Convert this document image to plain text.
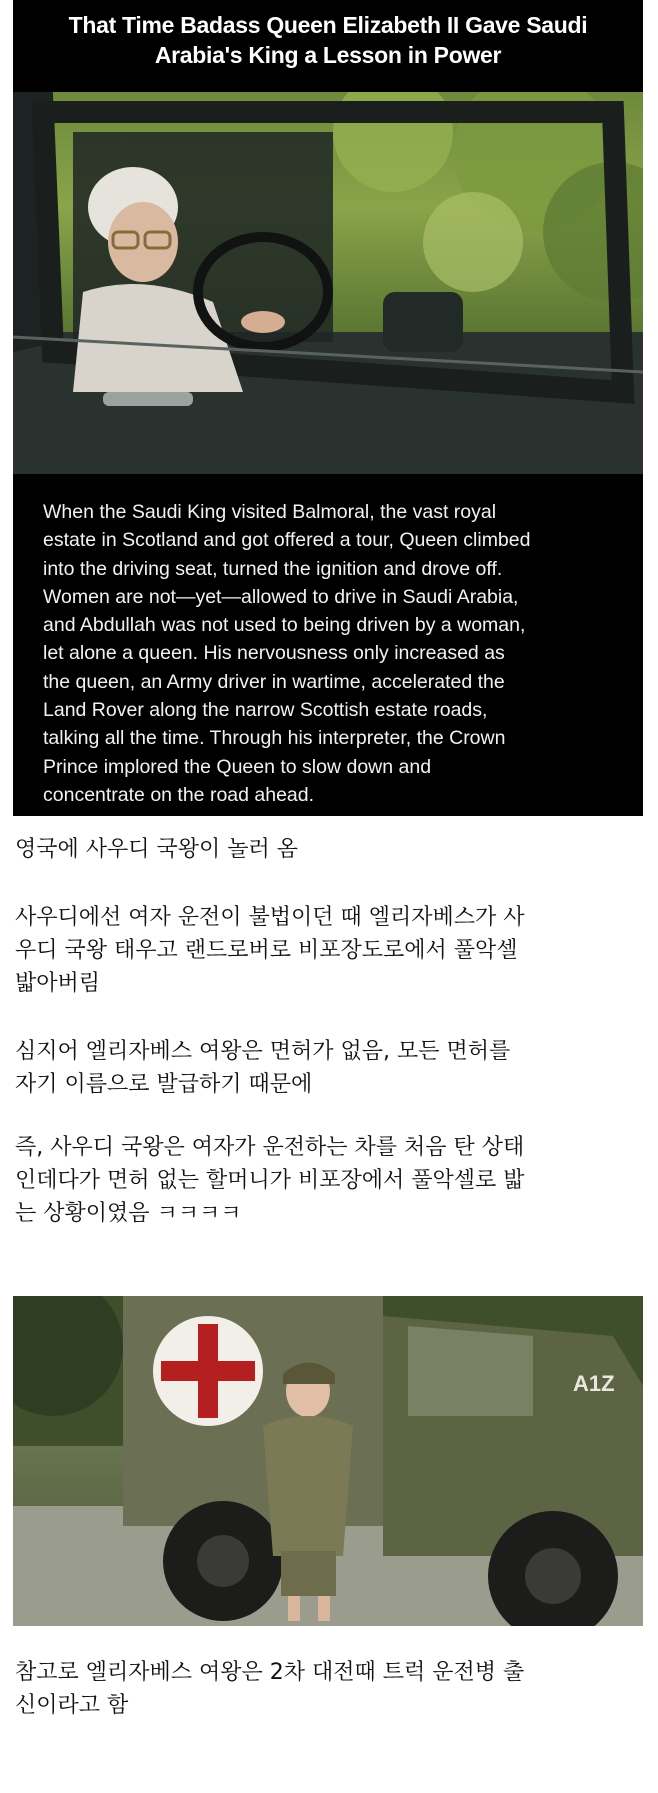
That Time Badass Queen Elizabeth II Gave Saudi
Arabia's King a Lesson in Power
When the Saudi King visited Balmoral, the vast royal
estate in Scotland and got offered a tour, Queen climbed
into the driving seat, turned the ignition and drove off.
Women are not—yet—allowed to drive in Saudi Arabia,
and Abdullah was not used to being driven by a woman,
let alone a queen. His nervousness only increased as
the queen, an Army driver in wartime, accelerated the
Land Rover along the narrow Scottish estate roads,
talking all the time. Through his interpreter, the Crown
Prince implored the Queen to slow down and
concentrate on the road ahead.
영국에 사우디 국왕이 놀러 옴
사우디에선 여자 운전이 불법이던 때 엘리자베스가 사
우디 국왕 태우고 랜드로버로 비포장도로에서 풀악셀
밟아버림
심지어 엘리자베스 여왕은 면허가 없음, 모든 면허를
자기 이름으로 발급하기 때문에
즉, 사우디 국왕은 여자가 운전하는 차를 처음 탄 상태
인데다가 면허 없는 할머니가 비포장에서 풀악셀로 밟
는 상황이였음 ㅋㅋㅋㅋ
A1Z
참고로 엘리자베스 여왕은 2차 대전때 트럭 운전병 출
신이라고 함
